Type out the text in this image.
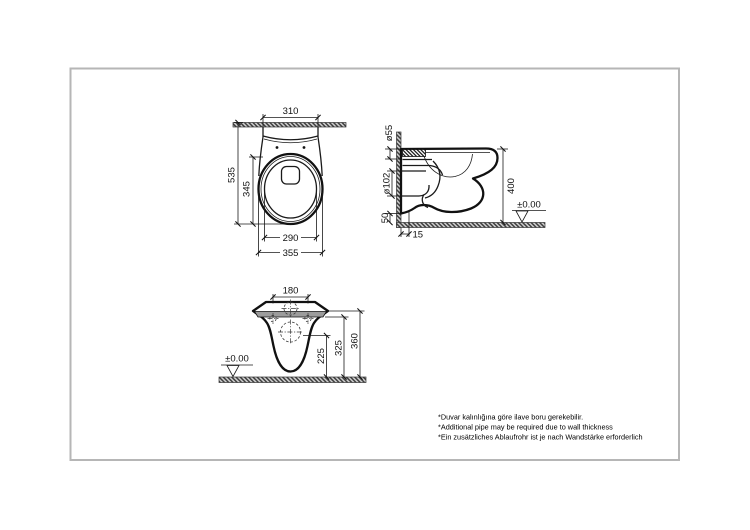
310
535
345
290
355
ø55
ø102
50
15
400
±0.00
180
360
325
225
±0.00
*Duvar kalınlığına göre ilave boru gerekebilir.
*Additional pipe may be required due to wall thickness
*Ein zusätzliches Ablaufrohr ist je nach Wandstärke erforderlich
